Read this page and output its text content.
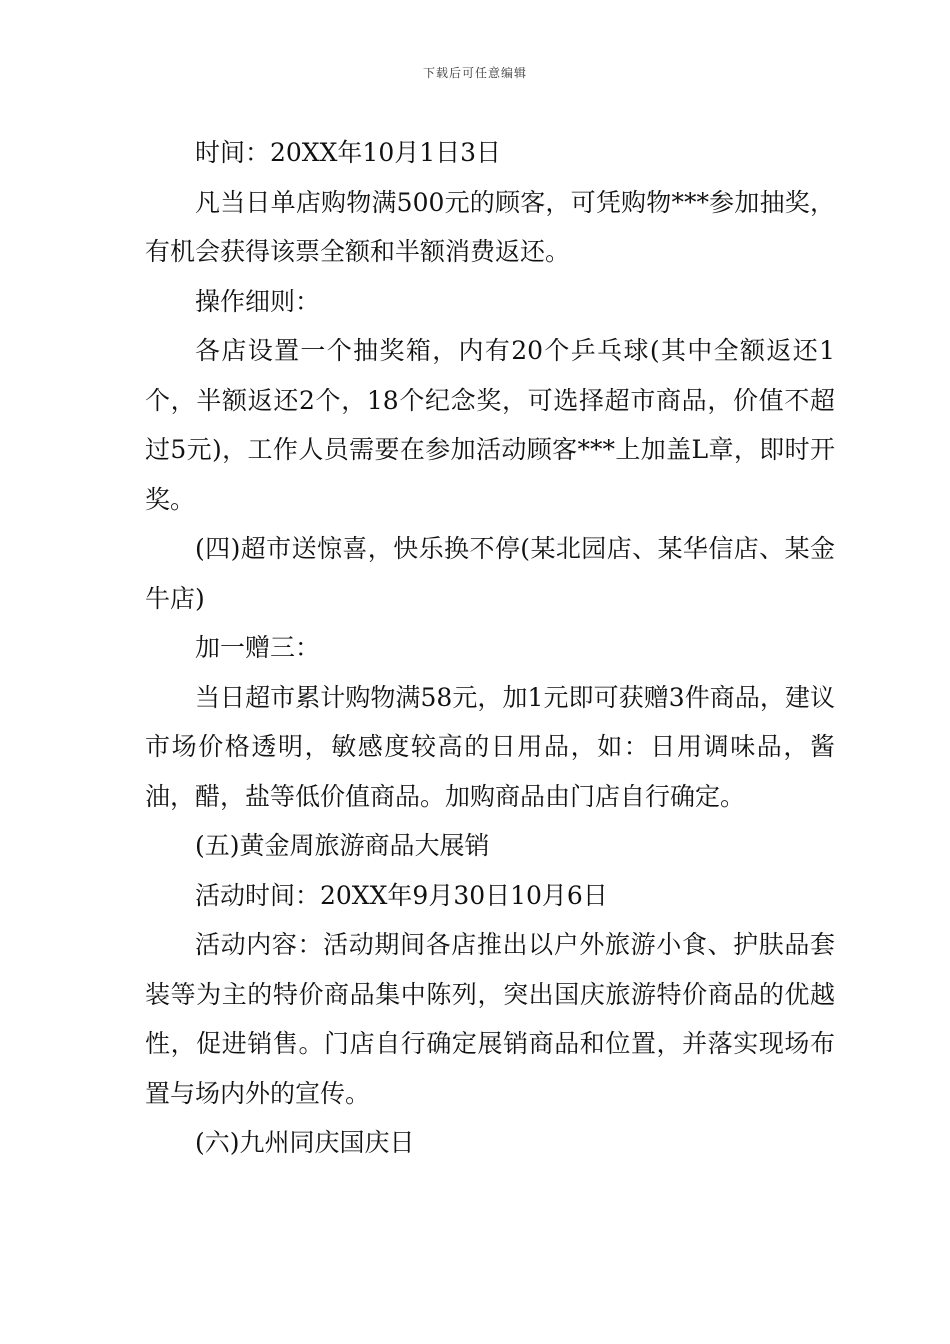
下载后可任意编辑

时间：20XX年10月1日3日

凡当日单店购物满500元的顾客，可凭购物***参加抽奖，有机会获得该票全额和半额消费返还。

操作细则：

各店设置一个抽奖箱，内有20个乒乓球(其中全额返还1个，半额返还2个，18个纪念奖，可选择超市商品，价值不超过5元)，工作人员需要在参加活动顾客***上加盖L章，即时开奖。

(四)超市送惊喜，快乐换不停(某北园店、某华信店、某金牛店)

加一赠三：

当日超市累计购物满58元，加1元即可获赠3件商品，建议市场价格透明，敏感度较高的日用品，如：日用调味品，酱油，醋，盐等低价值商品。加购商品由门店自行确定。

(五)黄金周旅游商品大展销

活动时间：20XX年9月30日10月6日

活动内容：活动期间各店推出以户外旅游小食、护肤品套装等为主的特价商品集中陈列，突出国庆旅游特价商品的优越性，促进销售。门店自行确定展销商品和位置，并落实现场布置与场内外的宣传。

(六)九州同庆国庆日
